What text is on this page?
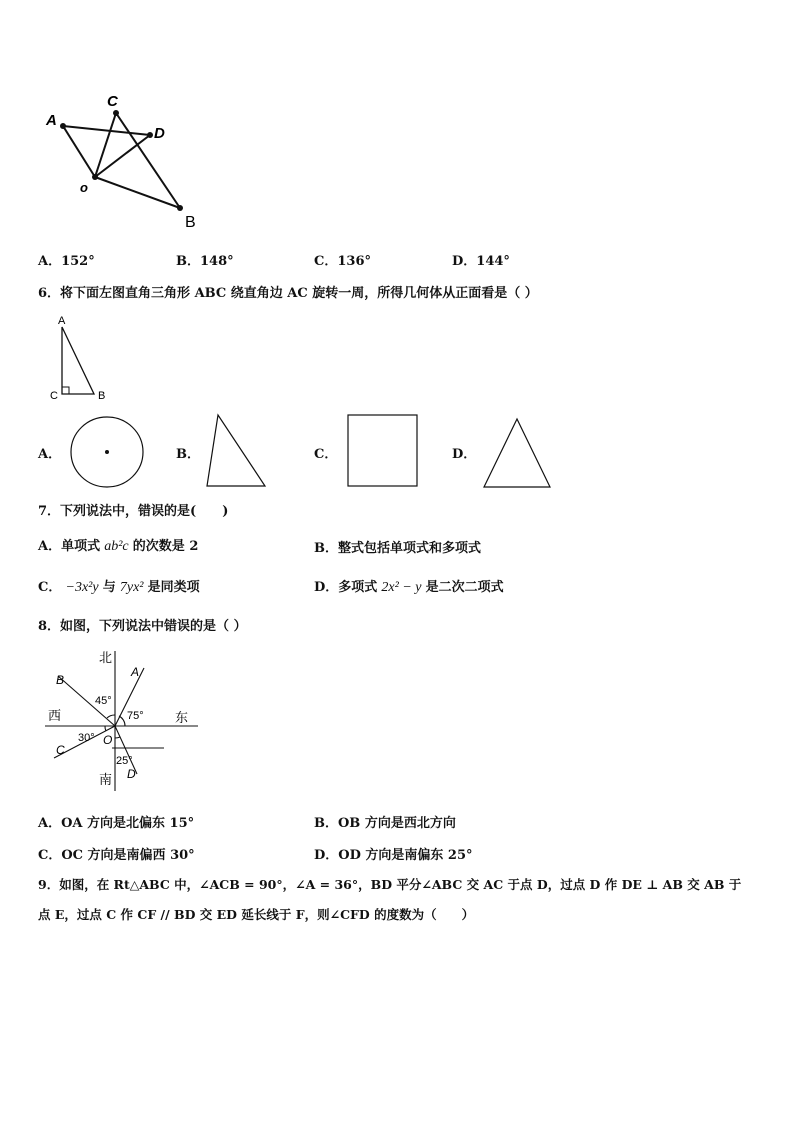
A
C
D
o
B
A．152°	B．148°	C．136°	D．144°
6．将下面左图直角三角形 ABC 绕直角边 AC 旋转一周，所得几何体从正面看是（ ）
A
C	B
A．	B．	C．	D．
7．下列说法中，错误的是(　　)
A．单项式 ab²c 的次数是 2	B．整式包括单项式和多项式
C． −3x²y 与 7yx² 是同类项	D．多项式 2x² − y 是二次二项式
8．如图，下列说法中错误的是（ ）
北
B
A
45°
75°
西	东
30° O
C
25°
D
南
A．OA 方向是北偏东 15°	B．OB 方向是西北方向
C．OC 方向是南偏西 30°	D．OD 方向是南偏东 25°
9．如图，在 Rt△ABC 中，∠ACB = 90°，∠A = 36°，BD 平分∠ABC 交 AC 于点 D，过点 D 作 DE ⊥ AB 交 AB 于
点 E，过点 C 作 CF // BD 交 ED 延长线于 F，则∠CFD 的度数为（　　）
